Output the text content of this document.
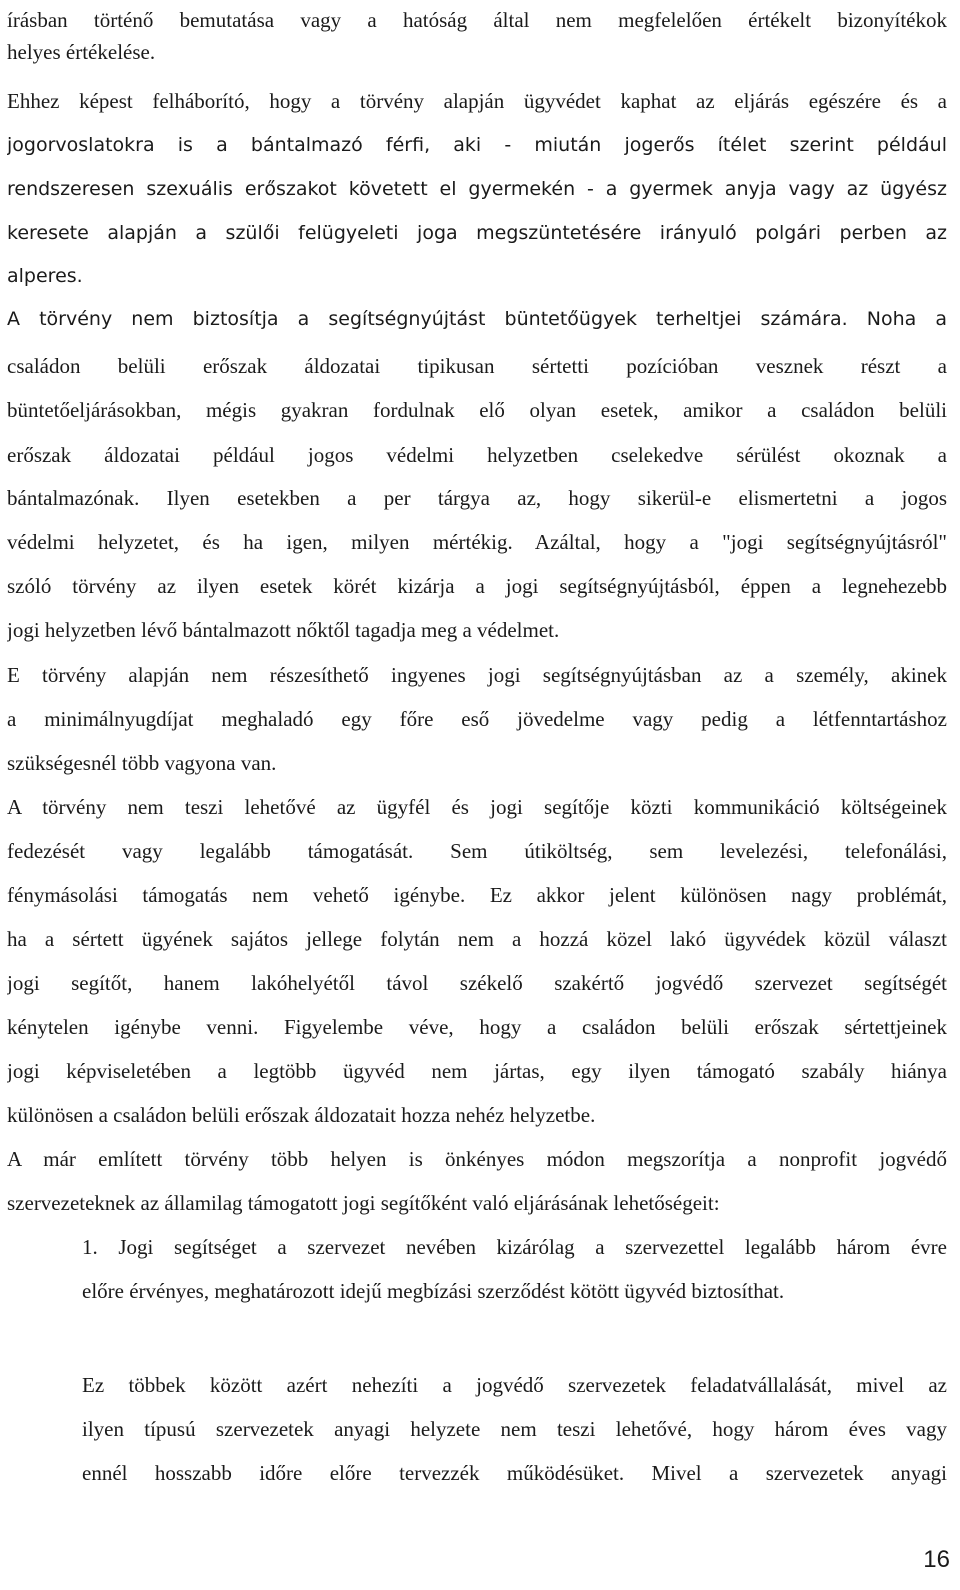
írásban történő bemutatása vagy a hatóság által nem megfelelően értékelt bizonyítékok
helyes értékelése.
Ehhez képest felháborító, hogy a törvény alapján ügyvédet kaphat az eljárás egészére és a
jogorvoslatokra is a bántalmazó férfi, aki - miután jogerős ítélet szerint például
rendszeresen szexuális erőszakot követett el gyermekén - a gyermek anyja vagy az ügyész
keresete alapján a szülői felügyeleti joga megszüntetésére irányuló polgári perben az
alperes.
A törvény nem biztosítja a segítségnyújtást büntetőügyek terheltjei számára. Noha a
családon belüli erőszak áldozatai tipikusan sértetti pozícióban vesznek részt a
büntetőeljárásokban, mégis gyakran fordulnak elő olyan esetek, amikor a családon belüli
erőszak áldozatai például jogos védelmi helyzetben cselekedve sérülést okoznak a
bántalmazónak. Ilyen esetekben a per tárgya az, hogy sikerül-e elismertetni a jogos
védelmi helyzetet, és ha igen, milyen mértékig. Azáltal, hogy a "jogi segítségnyújtásról"
szóló törvény az ilyen esetek körét kizárja a jogi segítségnyújtásból, éppen a legnehezebb
jogi helyzetben lévő bántalmazott nőktől tagadja meg a védelmet.
E törvény alapján nem részesíthető ingyenes jogi segítségnyújtásban az a személy, akinek
a minimálnyugdíjat meghaladó egy főre eső jövedelme vagy pedig a létfenntartáshoz
szükségesnél több vagyona van.
A törvény nem teszi lehetővé az ügyfél és jogi segítője közti kommunikáció költségeinek
fedezését vagy legalább támogatását. Sem útiköltség, sem levelezési, telefonálási,
fénymásolási támogatás nem vehető igénybe. Ez akkor jelent különösen nagy problémát,
ha a sértett ügyének sajátos jellege folytán nem a hozzá közel lakó ügyvédek közül választ
jogi segítőt, hanem lakóhelyétől távol székelő szakértő jogvédő szervezet segítségét
kénytelen igénybe venni. Figyelembe véve, hogy a családon belüli erőszak sértettjeinek
jogi képviseletében a legtöbb ügyvéd nem jártas, egy ilyen támogató szabály hiánya
különösen a családon belüli erőszak áldozatait hozza nehéz helyzetbe.
A már említett törvény több helyen is önkényes módon megszorítja a nonprofit jogvédő
szervezeteknek az államilag támogatott jogi segítőként való eljárásának lehetőségeit:
1. Jogi segítséget a szervezet nevében kizárólag a szervezettel legalább három évre
előre érvényes, meghatározott idejű megbízási szerződést kötött ügyvéd biztosíthat.
Ez többek között azért nehezíti a jogvédő szervezetek feladatvállalását, mivel az
ilyen típusú szervezetek anyagi helyzete nem teszi lehetővé, hogy három éves vagy
ennél hosszabb időre előre tervezzék működésüket. Mivel a szervezetek anyagi
16
